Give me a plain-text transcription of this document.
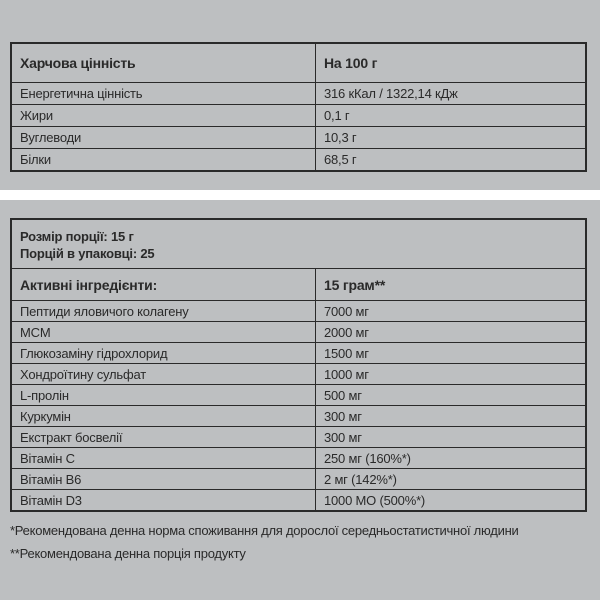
Харчова цінність	На 100 г
Енергетична цінність	316 кКал / 1322,14 кДж
Жири	0,1 г
Вуглеводи	10,3 г
Білки	68,5 г
Розмір порції: 15 г
Порцій в упаковці: 25	

Активні інгредієнти:	15 грам**
Пептиди яловичого колагену	7000 мг
MCM	2000 мг
Глюкозаміну гідрохлорид	1500 мг
Хондроїтину сульфат	1000 мг
L-пролін	500 мг
Куркумін	300 мг
Екстракт босвелії	300 мг
Вітамін С	250 мг (160%*)
Вітамін В6	2 мг (142%*)
Вітамін D3	1000 МО (500%*)
*Рекомендована денна норма споживання для дорослої середньостатистичної людини
**Рекомендована денна порція продукту
